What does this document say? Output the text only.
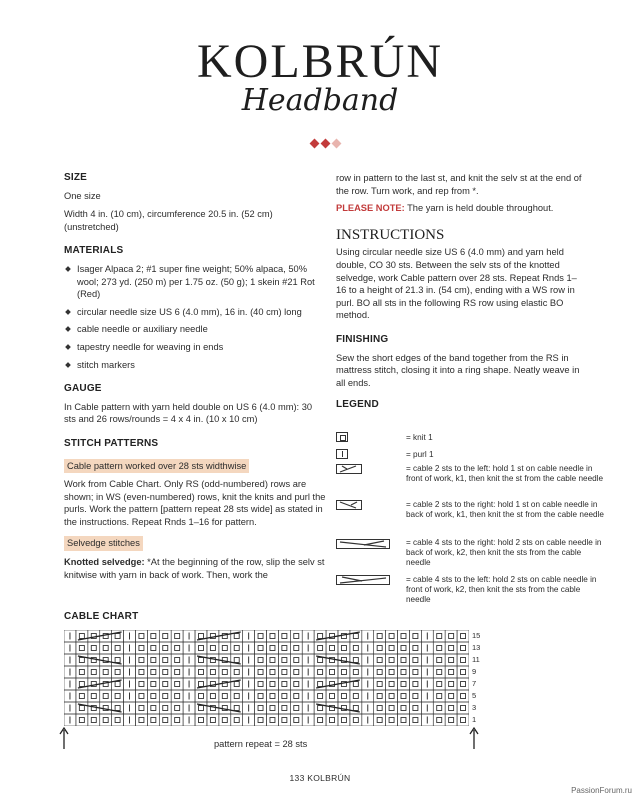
KOLBRÚN
Headband

SIZE

One size

Width 4 in. (10 cm), circumference 20.5 in. (52 cm) (unstretched)

MATERIALS

Isager Alpaca 2; #1 super fine weight; 50% alpaca, 50% wool; 273 yd. (250 m) per 1.75 oz. (50 g); 1 skein #21 Rot (Red)

circular needle size US 6 (4.0 mm), 16 in. (40 cm) long

cable needle or auxiliary needle

tapestry needle for weaving in ends

stitch markers

GAUGE

In Cable pattern with yarn held double on US 6 (4.0 mm): 30 sts and 26 rows/rounds = 4 x 4 in. (10 x 10 cm)

STITCH PATTERNS

Cable pattern worked over 28 sts widthwise

Work from Cable Chart. Only RS (odd-numbered) rows are shown; in WS (even-numbered) rows, knit the knits and purl the purls. Work the pattern [pattern repeat 28 sts wide] as stated in the instructions. Repeat Rnds 1–16 for pattern.

Selvedge stitches

Knotted selvedge: *At the beginning of the row, slip the selv st knitwise with yarn in back of work. Then, work the

row in pattern to the last st, and knit the selv st at the end of the row. Turn work, and rep from *.

PLEASE NOTE: The yarn is held double throughout.

INSTRUCTIONS

Using circular needle size US 6 (4.0 mm) and yarn held double, CO 30 sts. Between the selv sts of the knotted selvedge, work Cable pattern over 28 sts. Repeat Rnds 1–16 to a height of 21.3 in. (54 cm), ending with a WS row in purl. BO all sts in the following RS row using elastic BO method.

FINISHING

Sew the short edges of the band together from the RS in mattress stitch, closing it into a ring shape. Neatly weave in all ends.

LEGEND

= knit 1
= purl 1
= cable 2 sts to the left: hold 1 st on cable needle in front of work, k1, then knit the st from the cable needle
= cable 2 sts to the right: hold 1 st on cable needle in back of work, k1, then knit the st from the cable needle
= cable 4 sts to the right: hold 2 sts on cable needle in back of work, k2, then knit the sts from the cable needle
= cable 4 sts to the left: hold 2 sts on cable needle in front of work, k2, then knit the sts from the cable needle
CABLE CHART
15
13
11
9
7
5
3
1
pattern repeat = 28 sts
133 KOLBRÚN
PassionForum.ru
